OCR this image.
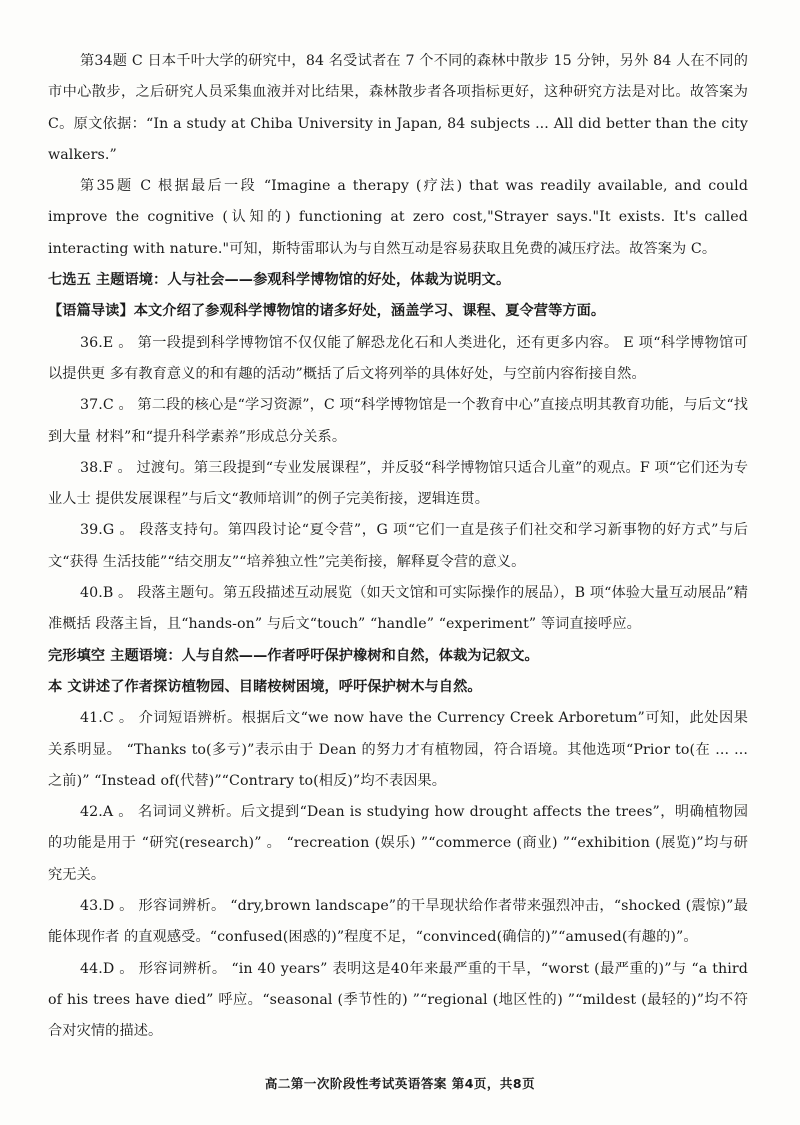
第34题 C 日本千叶大学的研究中，84 名受试者在 7 个不同的森林中散步 15 分钟，另外 84 人在不同的市中心散步，之后研究人员采集血液并对比结果，森林散步者各项指标更好，这种研究方法是对比。故答案为 C。原文依据：“In a study at Chiba University in Japan, 84 subjects ... All did better than the city walkers.”

第35题 C 根据最后一段 “Imagine a therapy (疗法) that was readily available, and could improve the cognitive (认知的) functioning at zero cost,"Strayer says."It exists. It's called interacting with nature."可知，斯特雷耶认为与自然互动是容易获取且免费的减压疗法。故答案为 C。

七选五 主题语境：人与社会——参观科学博物馆的好处，体裁为说明文。

【语篇导读】本文介绍了参观科学博物馆的诸多好处，涵盖学习、课程、夏令营等方面。

36.E 。 第一段提到科学博物馆不仅仅能了解恐龙化石和人类进化，还有更多内容。 E 项“科学博物馆可以提供更 多有教育意义的和有趣的活动”概括了后文将列举的具体好处，与空前内容衔接自然。

37.C 。 第二段的核心是“学习资源”，C 项“科学博物馆是一个教育中心”直接点明其教育功能，与后文“找到大量 材料”和“提升科学素养”形成总分关系。

38.F 。 过渡句。第三段提到“专业发展课程”，并反驳“科学博物馆只适合儿童”的观点。F 项“它们还为专业人士 提供发展课程”与后文“教师培训”的例子完美衔接，逻辑连贯。

39.G 。 段落支持句。第四段讨论“夏令营”，G 项“它们一直是孩子们社交和学习新事物的好方式”与后文“获得 生活技能”“结交朋友”“培养独立性”完美衔接，解释夏令营的意义。

40.B 。 段落主题句。第五段描述互动展览（如天文馆和可实际操作的展品），B 项“体验大量互动展品”精准概括 段落主旨，且“hands-on” 与后文“touch” “handle” “experiment” 等词直接呼应。

完形填空 主题语境：人与自然——作者呼吁保护橡树和自然，体裁为记叙文。

本 文讲述了作者探访植物园、目睹桉树困境，呼吁保护树木与自然。

41.C 。 介词短语辨析。根据后文“we now have the Currency Creek Arboretum”可知，此处因果关系明显。 “Thanks to(多亏)”表示由于 Dean 的努力才有植物园，符合语境。其他选项“Prior to(在 ... ... 之前)” “Instead of(代替)”“Contrary to(相反)”均不表因果。

42.A 。 名词词义辨析。后文提到“Dean is studying how drought affects the trees”，明确植物园的功能是用于 “研究(research)” 。 “recreation (娱乐) ”“commerce (商业) ”“exhibition (展览)”均与研究无关。

43.D 。 形容词辨析。 “dry,brown landscape”的干旱现状给作者带来强烈冲击，“shocked (震惊)”最能体现作者 的直观感受。“confused(困惑的)”程度不足，“convinced(确信的)”“amused(有趣的)”。

44.D 。 形容词辨析。 “in 40 years” 表明这是40年来最严重的干旱，“worst (最严重的)”与 “a third of his trees have died” 呼应。“seasonal (季节性的) ”“regional (地区性的) ”“mildest (最轻的)”均不符合对灾情的描述。

高二第一次阶段性考试英语答案 第4页，共8页
